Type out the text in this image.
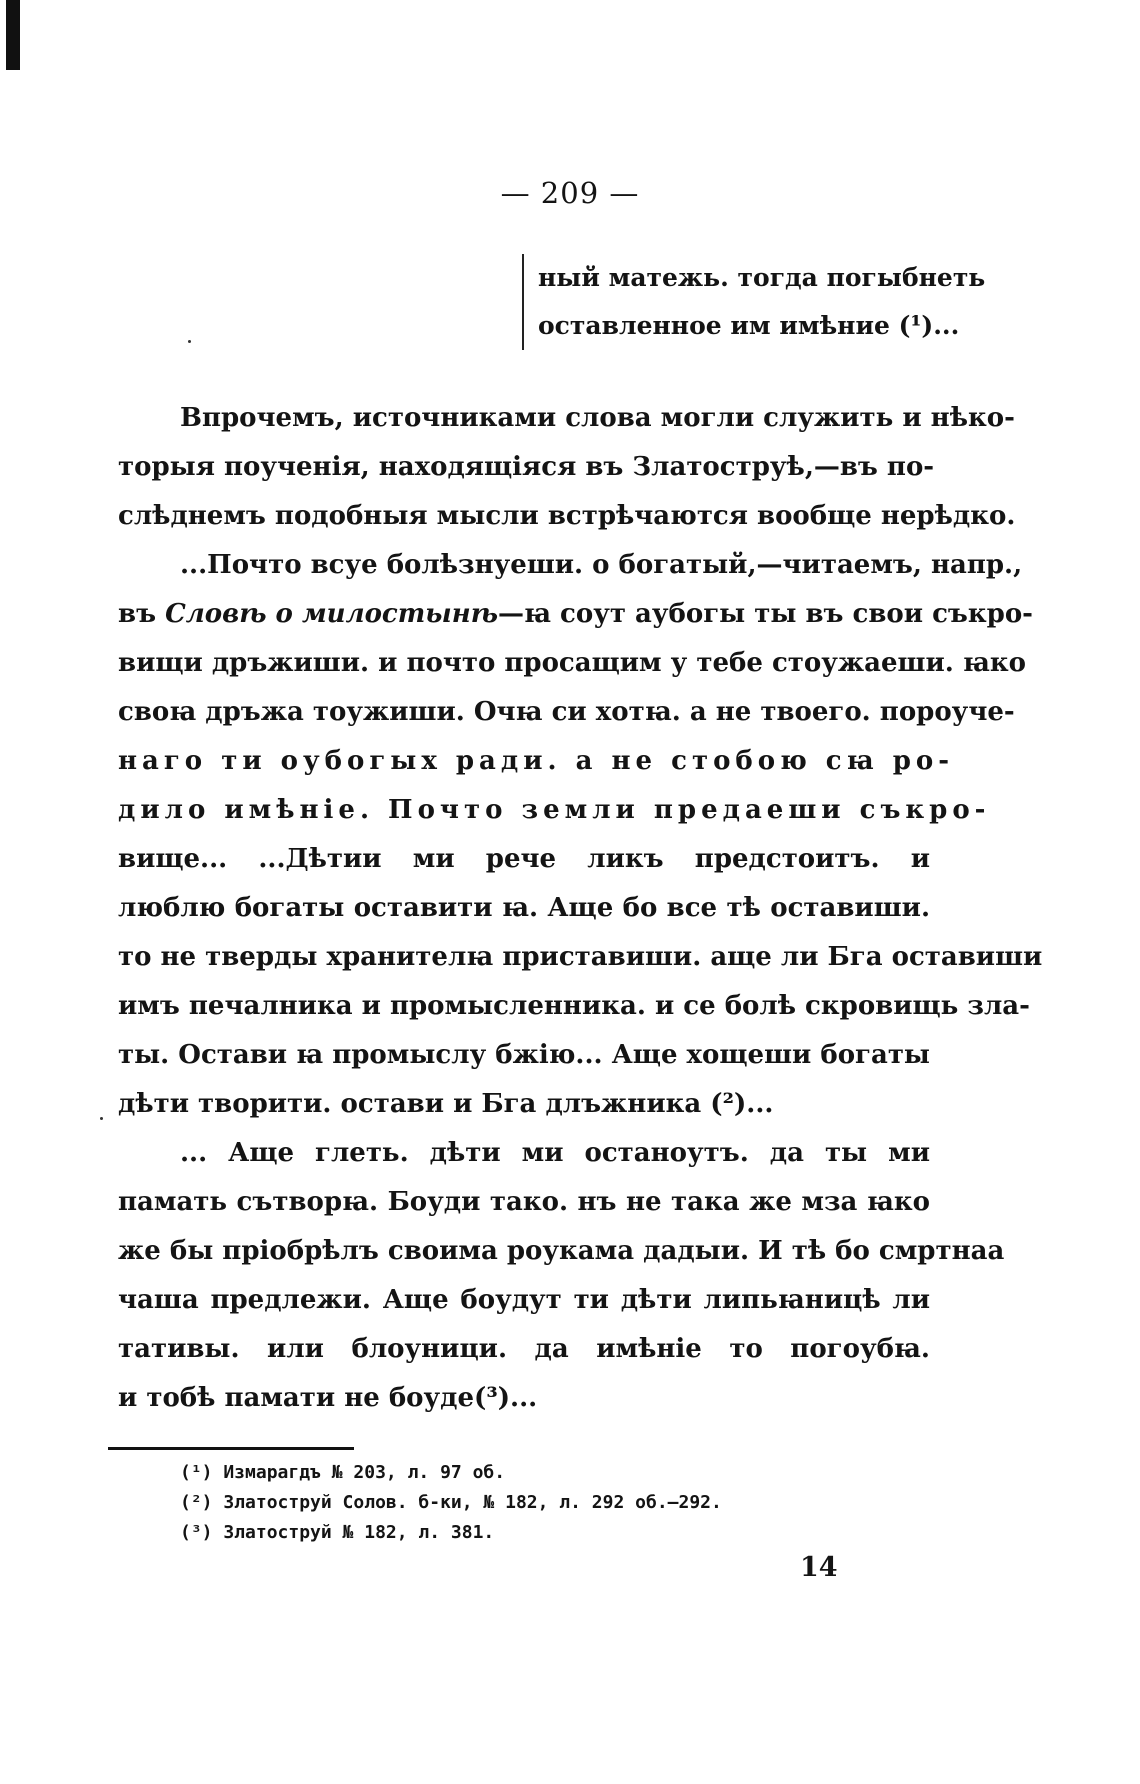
— 209 —
ный матежь. тогда погыбнеть
оставленное им имѣние (¹)...
Впрочемъ, источниками слова могли служить и нѣко-
торыя поученія, находящіяся въ Златоструѣ,—въ по-
слѣднемъ подобныя мысли встрѣчаются вообще нерѣдко.
...Почто всуе болѣзнуеши. о богатый,—читаемъ, напр.,
въ Словѣ о милостынѣ—ꙗ соут аубогы ты въ свои съкро-
вищи дръжиши. и почто просащим у тебе стоужаеши. ꙗко
своꙗ дръжа тоужиши. Очꙗ си хотꙗ. а не твоего. пороуче-
наго ти оубогых ради. а не стобою сꙗ ро-
дило имѣніе. Почто земли предаеши съкро-
вище... ...Дѣтии ми рече ликъ предстоитъ. и
люблю богаты оставити ꙗ. Аще бо все тѣ оставиши.
то не тверды хранителꙗ приставиши. аще ли Бга оставиши
имъ печалника и промысленника. и се болѣ скровищь зла-
ты. Остави ꙗ промыслу бжію... Аще хощеши богаты
дѣти творити. остави и Бга длъжника (²)...
... Аще глеть. дѣти ми останоутъ. да ты ми
памать сътворꙗ. Боуди тако. нъ не така же мза ꙗко
же бы пріобрѣлъ своима роукама дадыи. И тѣ бо смртнаа
чаша предлежи. Аще боудут ти дѣти липьꙗницѣ ли
тативы. или блоуници. да имѣніе то погоубꙗ.
и тобѣ памати не боуде(³)...
(¹) Измарагдъ № 203, л. 97 об.
(²) Златоструй Солов. б-ки, № 182, л. 292 об.—292.
(³) Златоструй № 182, л. 381.
14
